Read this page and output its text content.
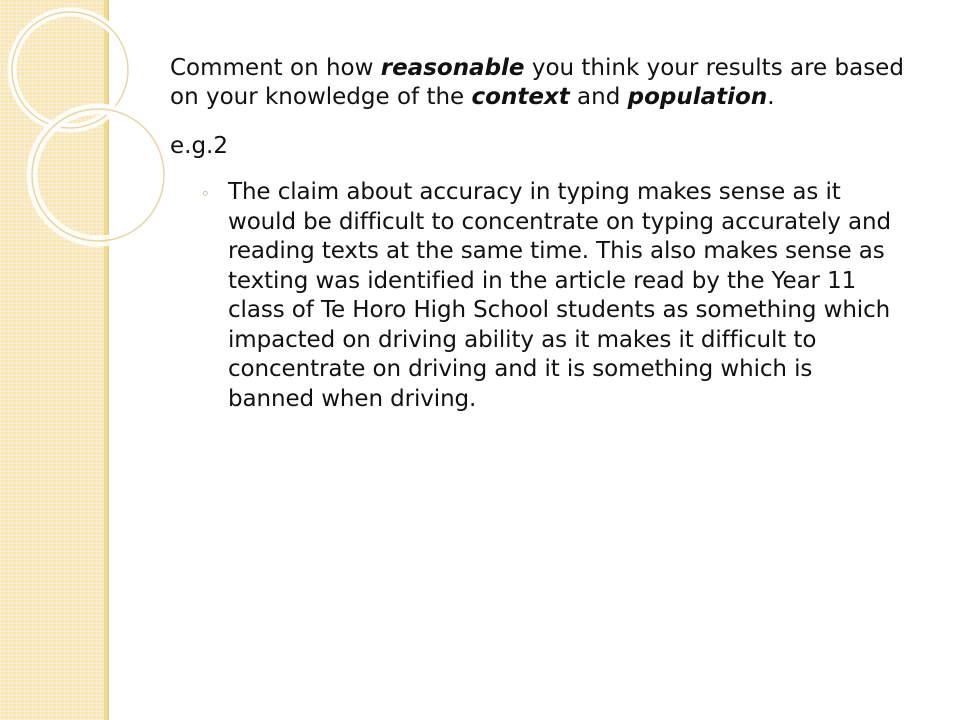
Comment on how reasonable you think your results are based on your knowledge of the context and population.

e.g.2
◦ The claim about accuracy in typing makes sense as it would be difficult to concentrate on typing accurately and reading texts at the same time. This also makes sense as texting was identified in the article read by the Year 11 class of Te Horo High School students as something which impacted on driving ability as it makes it difficult to concentrate on driving and it is something which is banned when driving.
